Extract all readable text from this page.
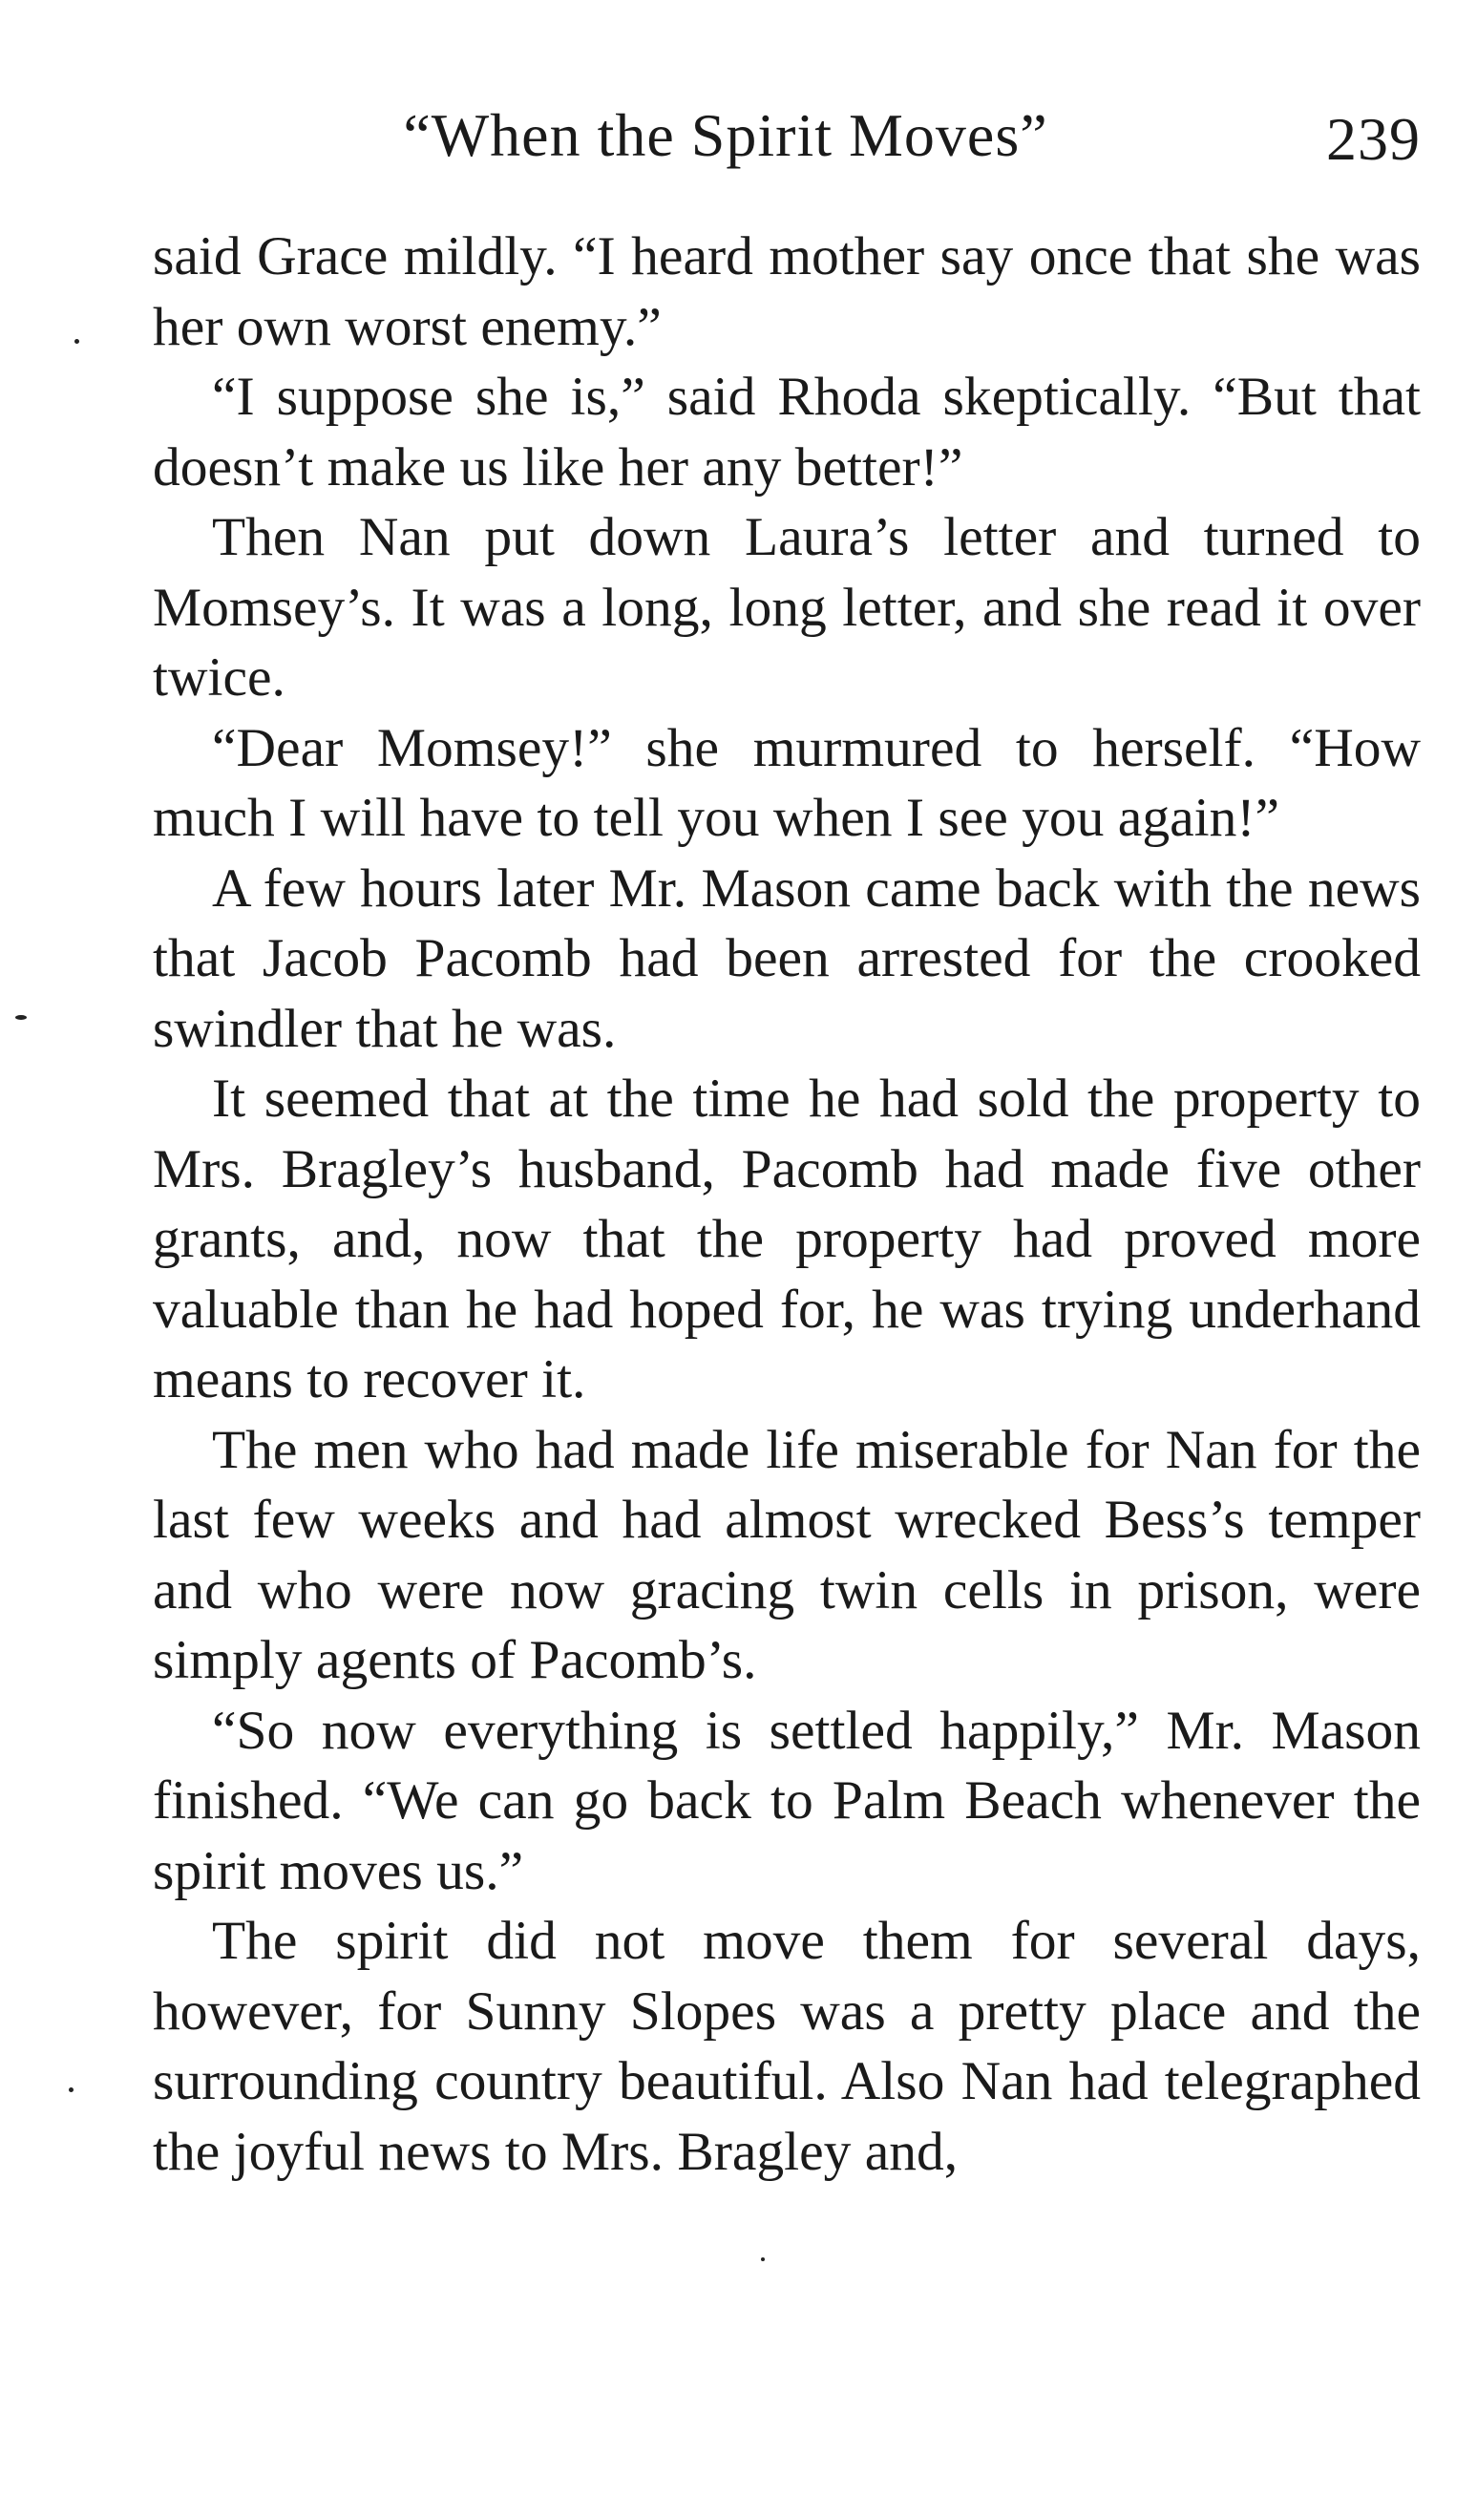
“When the Spirit Moves”	239

said Grace mildly. “I heard mother say once that she was her own worst enemy.”

“I suppose she is,” said Rhoda skeptically. “But that doesn’t make us like her any better!”

Then Nan put down Laura’s letter and turned to Momsey’s. It was a long, long letter, and she read it over twice.

“Dear Momsey!” she murmured to herself. “How much I will have to tell you when I see you again!”

A few hours later Mr. Mason came back with the news that Jacob Pacomb had been arrested for the crooked swindler that he was.

It seemed that at the time he had sold the property to Mrs. Bragley’s husband, Pacomb had made five other grants, and, now that the property had proved more valuable than he had hoped for, he was trying underhand means to recover it.

The men who had made life miserable for Nan for the last few weeks and had almost wrecked Bess’s temper and who were now gracing twin cells in prison, were simply agents of Pacomb’s.

“So now everything is settled happily,” Mr. Mason finished. “We can go back to Palm Beach whenever the spirit moves us.”

The spirit did not move them for several days, however, for Sunny Slopes was a pretty place and the surrounding country beautiful. Also Nan had telegraphed the joyful news to Mrs. Bragley and,
